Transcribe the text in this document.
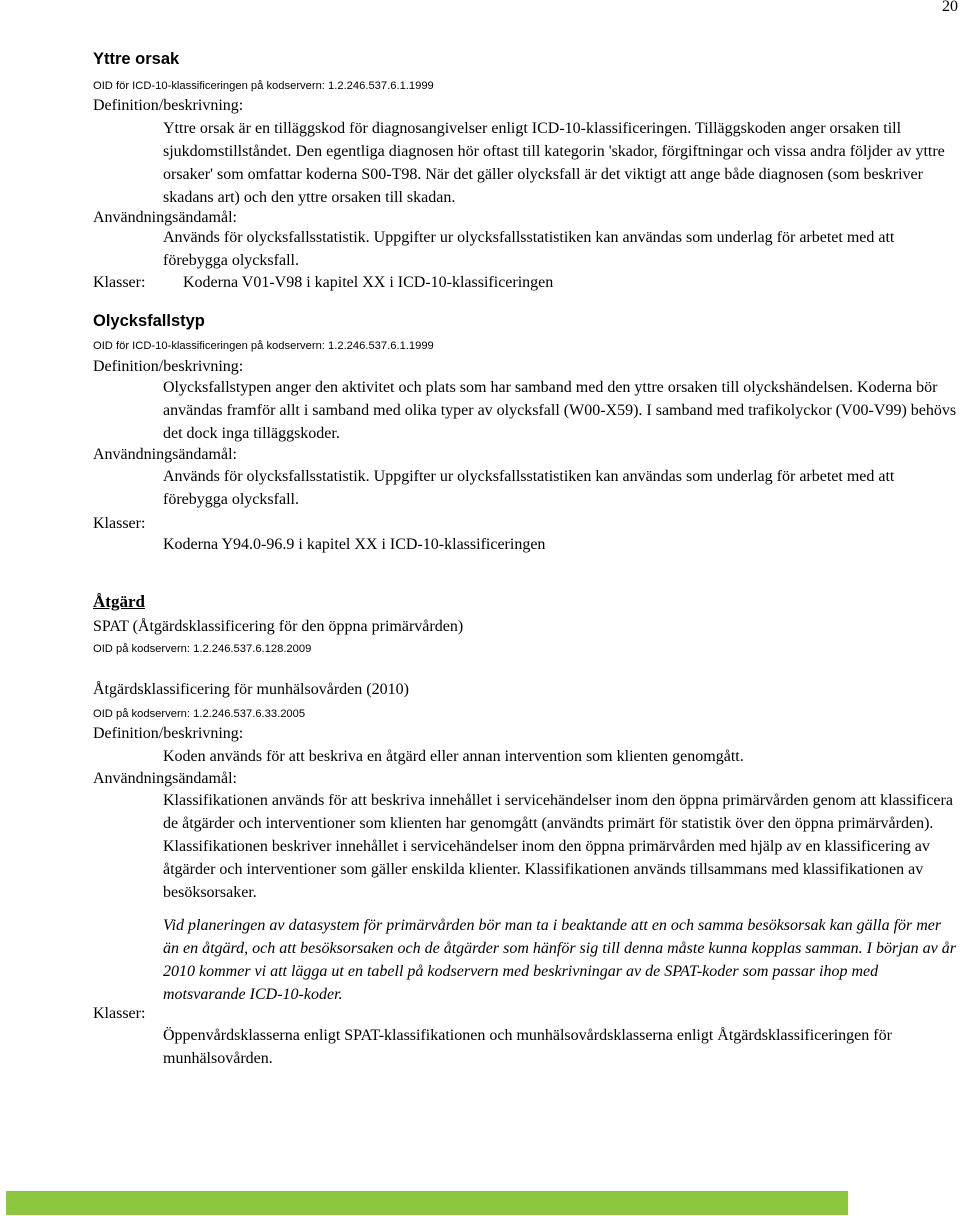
20
Yttre orsak
OID för ICD-10-klassificeringen på kodservern: 1.2.246.537.6.1.1999
Definition/beskrivning:

Yttre orsak är en tilläggskod för diagnosangivelser enligt ICD-10-klassificeringen. Tilläggskoden anger orsaken till sjukdomstillståndet. Den egentliga diagnosen hör oftast till kategorin 'skador, förgiftningar och vissa andra följder av yttre orsaker' som omfattar koderna S00-T98. När det gäller olycksfall är det viktigt att ange både diagnosen (som beskriver skadans art) och den yttre orsaken till skadan.

Användningsändamål:

Används för olycksfallsstatistik. Uppgifter ur olycksfallsstatistiken kan användas som underlag för arbetet med att förebygga olycksfall.

Klasser: Koderna V01-V98 i kapitel XX i ICD-10-klassificeringen
Olycksfallstyp
OID för ICD-10-klassificeringen på kodservern: 1.2.246.537.6.1.1999
Definition/beskrivning:

Olycksfallstypen anger den aktivitet och plats som har samband med den yttre orsaken till olyckshändelsen. Koderna bör användas framför allt i samband med olika typer av olycksfall (W00-X59). I samband med trafikolyckor (V00-V99) behövs det dock inga tilläggskoder.

Användningsändamål:

Används för olycksfallsstatistik. Uppgifter ur olycksfallsstatistiken kan användas som underlag för arbetet med att förebygga olycksfall.

Klasser:
Koderna Y94.0-96.9 i kapitel XX i ICD-10-klassificeringen
Åtgärd
SPAT (Åtgärdsklassificering för den öppna primärvården)
OID på kodservern: 1.2.246.537.6.128.2009
Åtgärdsklassificering för munhälsovården (2010)
OID på kodservern: 1.2.246.537.6.33.2005
Definition/beskrivning:
Koden används för att beskriva en åtgärd eller annan intervention som klienten genomgått.
Användningsändamål:

Klassifikationen används för att beskriva innehållet i servicehändelser inom den öppna primärvården genom att klassificera de åtgärder och interventioner som klienten har genomgått (användts primärt för statistik över den öppna primärvården). Klassifikationen beskriver innehållet i servicehändelser inom den öppna primärvården med hjälp av en klassificering av åtgärder och interventioner som gäller enskilda klienter. Klassifikationen används tillsammans med klassifikationen av besöksorsaker.

Vid planeringen av datasystem för primärvården bör man ta i beaktande att en och samma besöksorsak kan gälla för mer än en åtgärd, och att besöksorsaken och de åtgärder som hänför sig till denna måste kunna kopplas samman. I början av år 2010 kommer vi att lägga ut en tabell på kodservern med beskrivningar av de SPAT-koder som passar ihop med motsvarande ICD-10-koder.

Klasser:

Öppenvårdsklasserna enligt SPAT-klassifikationen och munhälsovårdsklasserna enligt Åtgärdsklassificeringen för munhälsovården.
